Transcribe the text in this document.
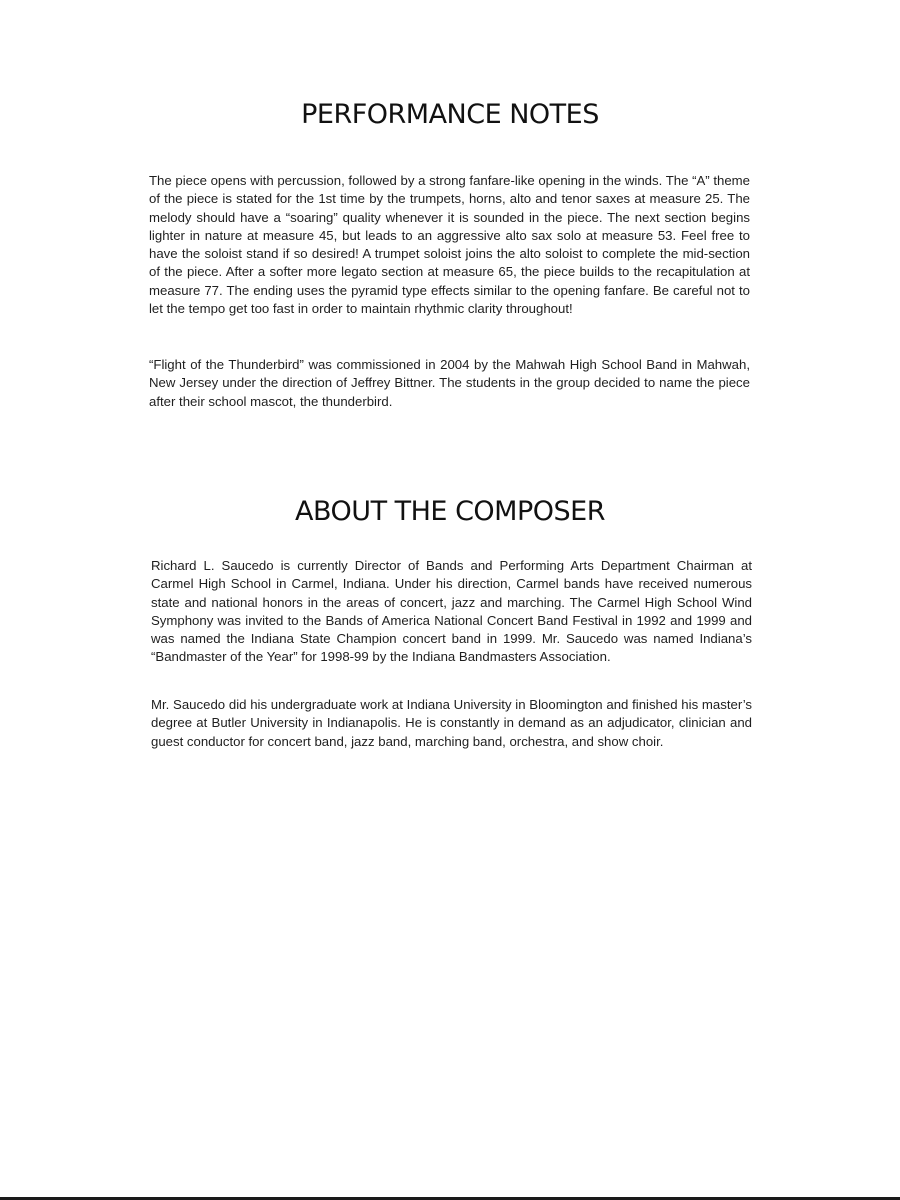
PERFORMANCE NOTES

The piece opens with percussion, followed by a strong fanfare-like opening in the winds. The “A” theme of the piece is stated for the 1st time by the trumpets, horns, alto and tenor saxes at measure 25. The melody should have a “soaring” quality whenever it is sounded in the piece. The next section begins lighter in nature at measure 45, but leads to an aggressive alto sax solo at measure 53. Feel free to have the soloist stand if so desired! A trumpet soloist joins the alto soloist to complete the mid-section of the piece. After a softer more legato section at measure 65, the piece builds to the recapitulation at measure 77. The ending uses the pyramid type effects similar to the opening fanfare. Be careful not to let the tempo get too fast in order to maintain rhythmic clarity throughout!

“Flight of the Thunderbird” was commissioned in 2004 by the Mahwah High School Band in Mahwah, New Jersey under the direction of Jeffrey Bittner. The students in the group decided to name the piece after their school mascot, the thunderbird.

ABOUT THE COMPOSER

Richard L. Saucedo is currently Director of Bands and Performing Arts Department Chairman at Carmel High School in Carmel, Indiana. Under his direction, Carmel bands have received numerous state and national honors in the areas of concert, jazz and marching. The Carmel High School Wind Symphony was invited to the Bands of America National Concert Band Festival in 1992 and 1999 and was named the Indiana State Champion concert band in 1999. Mr. Saucedo was named Indiana’s “Bandmaster of the Year” for 1998-99 by the Indiana Bandmasters Association.

Mr. Saucedo did his undergraduate work at Indiana University in Bloomington and finished his master’s degree at Butler University in Indianapolis. He is constantly in demand as an adjudicator, clinician and guest conductor for concert band, jazz band, marching band, orchestra, and show choir.
